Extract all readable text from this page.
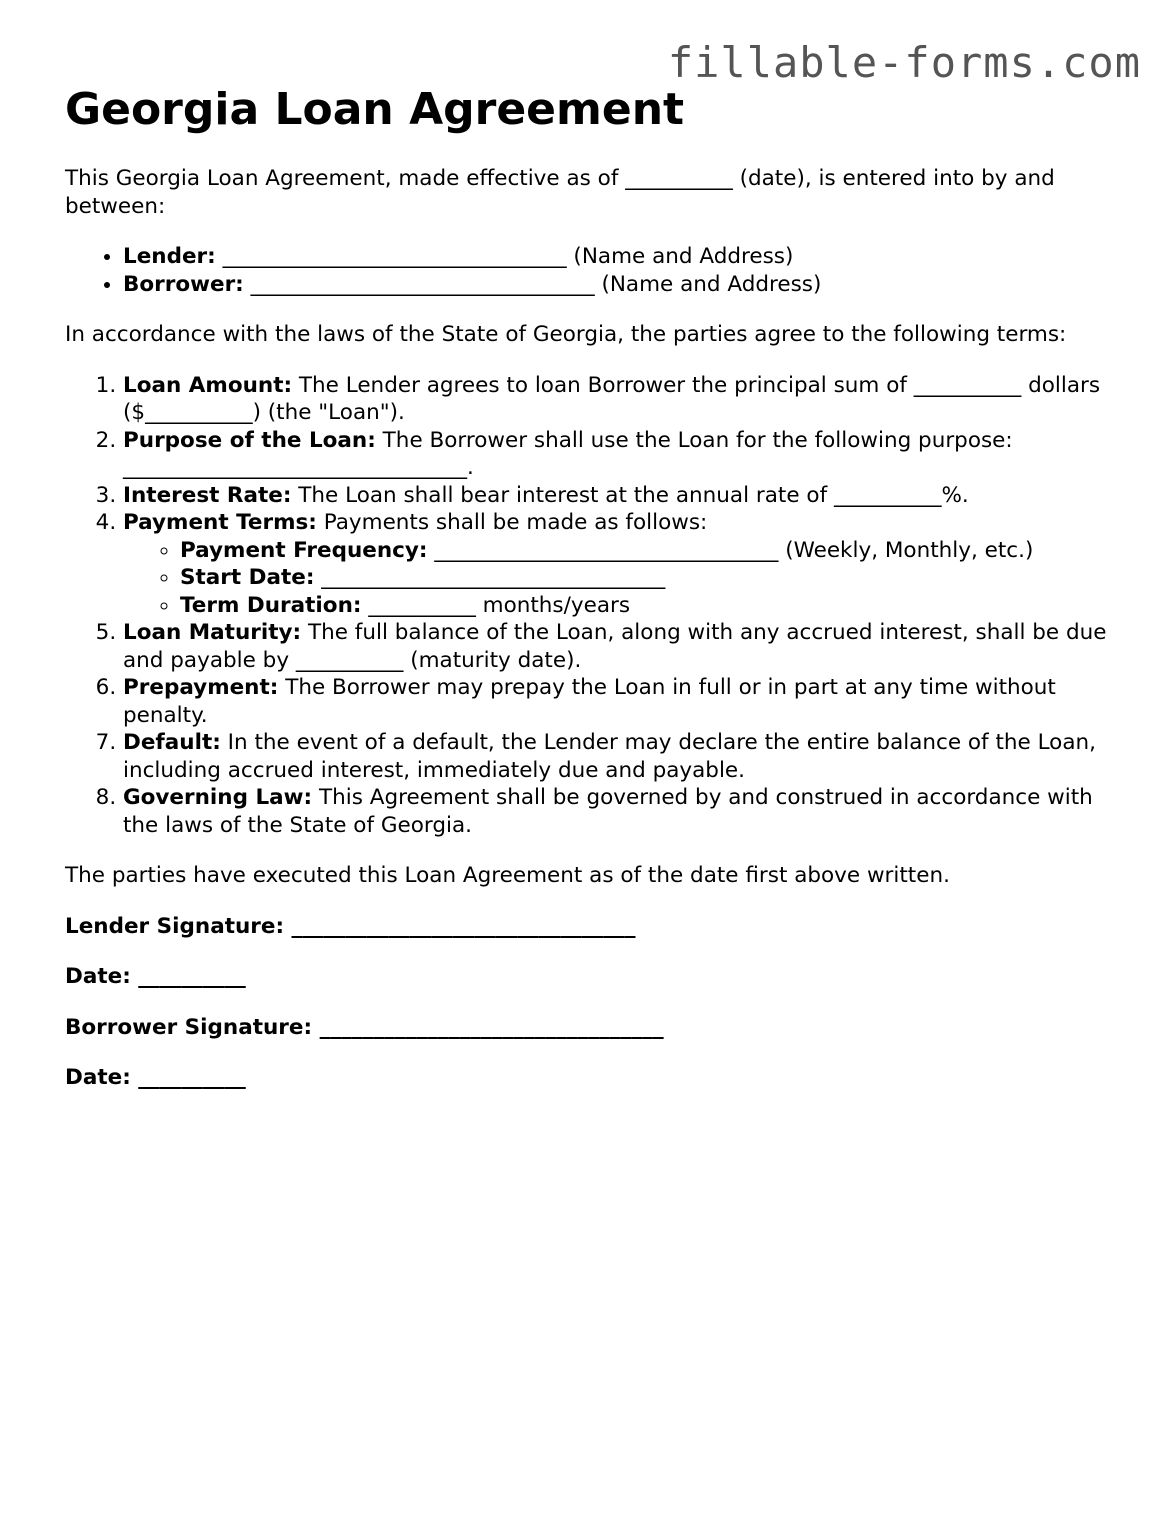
fillable-forms.com
Georgia Loan Agreement

This Georgia Loan Agreement, made effective as of __________ (date), is entered into by and between:

• Lender: ________________________________ (Name and Address)
• Borrower: ________________________________ (Name and Address)

In accordance with the laws of the State of Georgia, the parties agree to the following terms:

1. Loan Amount: The Lender agrees to loan Borrower the principal sum of __________ dollars ($__________) (the "Loan").
2. Purpose of the Loan: The Borrower shall use the Loan for the following purpose: ________________________________.
3. Interest Rate: The Loan shall bear interest at the annual rate of __________%.
4. Payment Terms: Payments shall be made as follows:
◦ Payment Frequency: ________________________________ (Weekly, Monthly, etc.)
◦ Start Date: ________________________________
◦ Term Duration: __________ months/years
5. Loan Maturity: The full balance of the Loan, along with any accrued interest, shall be due and payable by __________ (maturity date).
6. Prepayment: The Borrower may prepay the Loan in full or in part at any time without penalty.
7. Default: In the event of a default, the Lender may declare the entire balance of the Loan, including accrued interest, immediately due and payable.
8. Governing Law: This Agreement shall be governed by and construed in accordance with the laws of the State of Georgia.

The parties have executed this Loan Agreement as of the date first above written.

Lender Signature: ________________________________

Date: __________

Borrower Signature: ________________________________

Date: __________
